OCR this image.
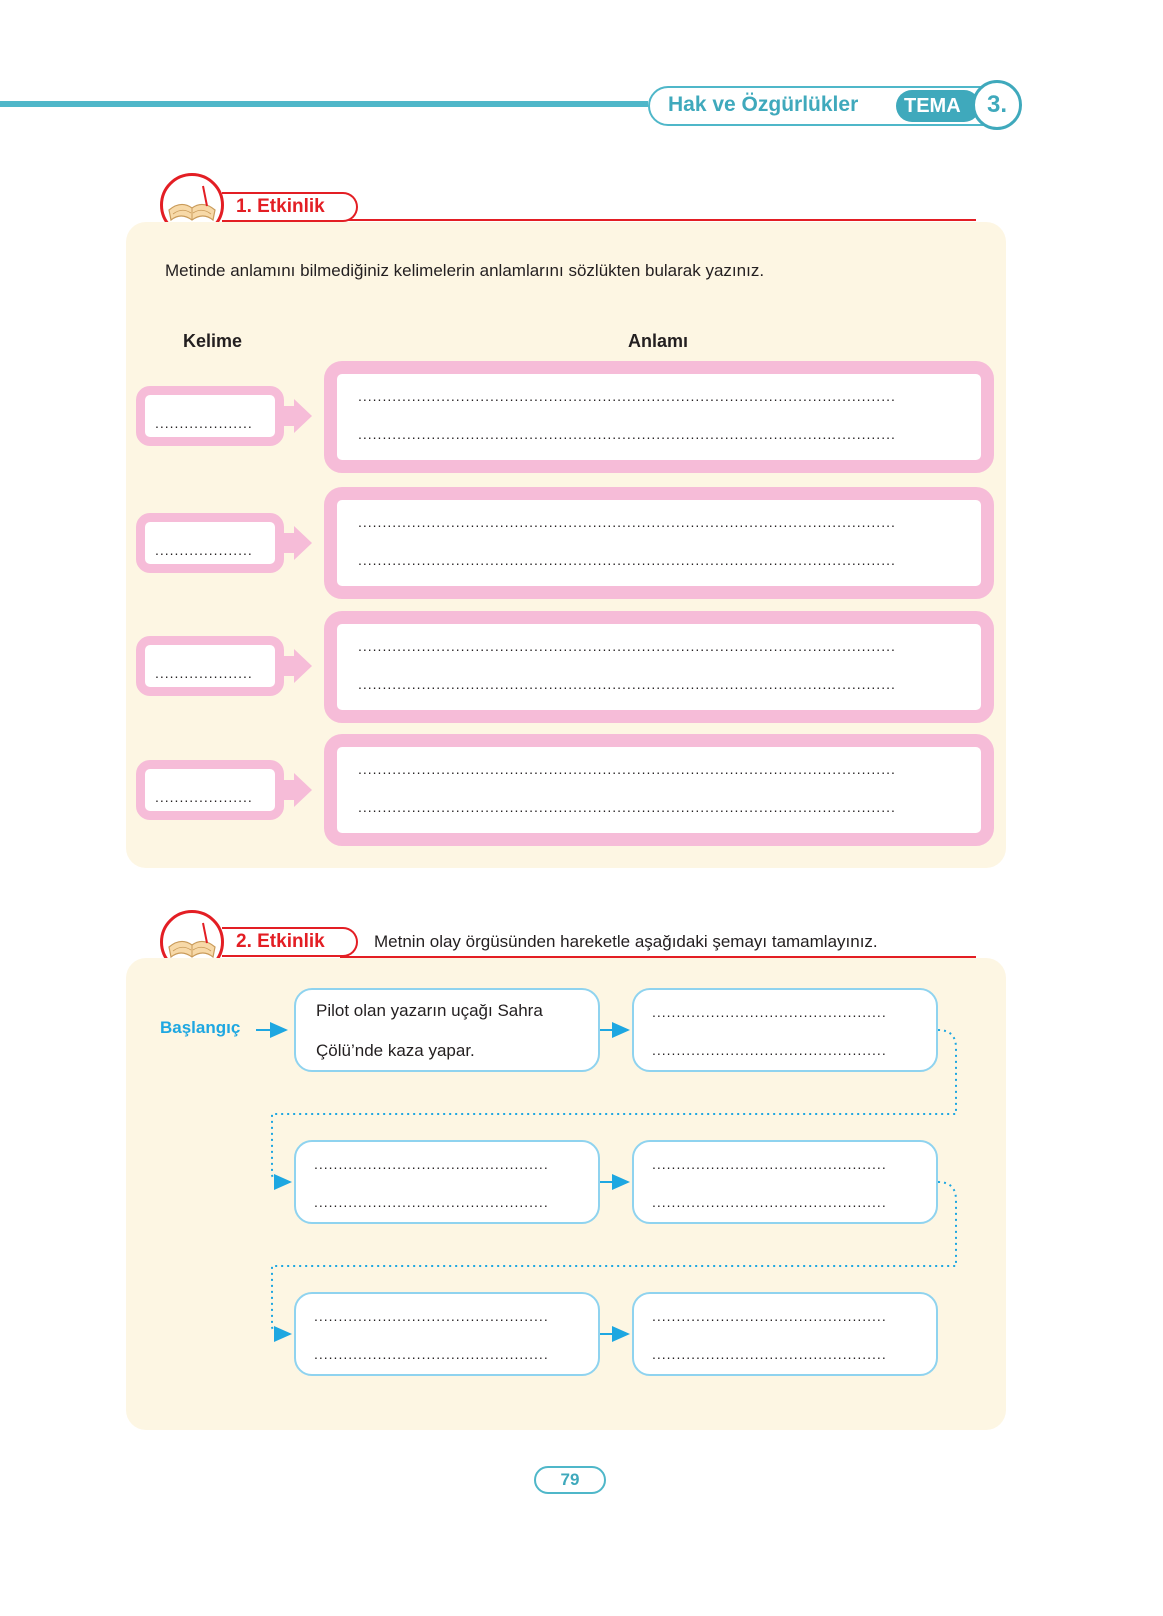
Hak ve Özgürlükler	TEMA	3.
1. Etkinlik
Metinde anlamını bilmediğiniz kelimelerin anlamlarını sözlükten bularak yazınız.
Kelime	Anlamı
....................
..............................................................................................................
..............................................................................................................
....................
..............................................................................................................
..............................................................................................................
....................
..............................................................................................................
..............................................................................................................
....................
..............................................................................................................
..............................................................................................................
2. Etkinlik	Metnin olay örgüsünden hareketle aşağıdaki şemayı tamamlayınız.
Başlangıç
Pilot olan yazarın uçağı Sahra
Çölü’nde kaza yapar.
................................................
................................................
................................................
................................................
................................................
................................................
................................................
................................................
................................................
................................................
79
